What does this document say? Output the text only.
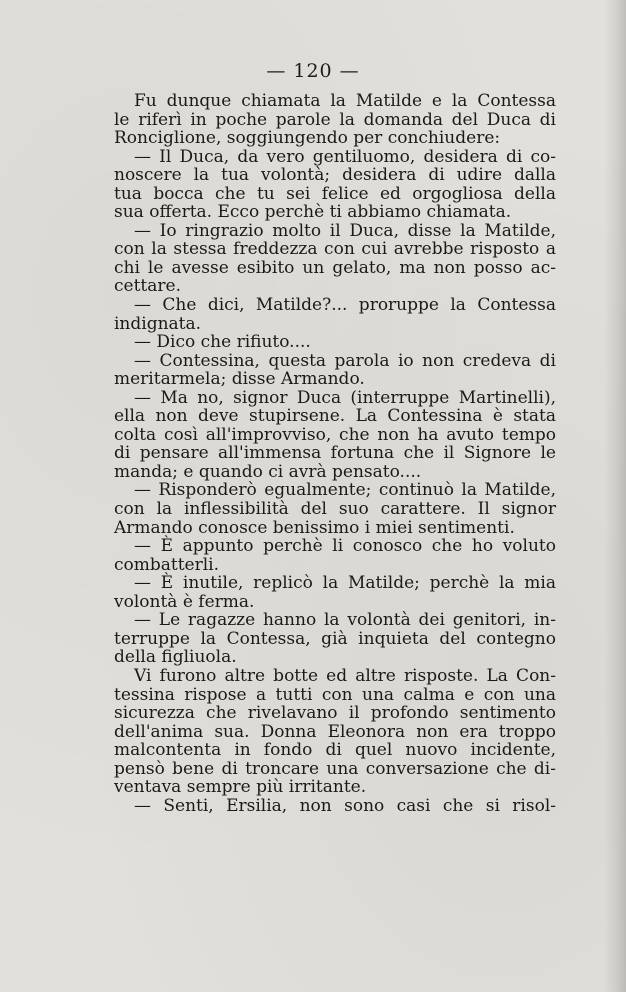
— 120 —

Fu dunque chiamata la Matilde e la Contessa

le riferì in poche parole la domanda del Duca di

Ronciglione, soggiungendo per conchiudere:

— Il Duca, da vero gentiluomo, desidera di co-

noscere la tua volontà; desidera di udire dalla

tua bocca che tu sei felice ed orgogliosa della

sua offerta. Ecco perchè ti abbiamo chiamata.

— Io ringrazio molto il Duca, disse la Matilde,

con la stessa freddezza con cui avrebbe risposto a

chi le avesse esibito un gelato, ma non posso ac-

cettare.

— Che dici, Matilde?... proruppe la Contessa

indignata.

— Dico che rifiuto....

— Contessina, questa parola io non credeva di

meritarmela; disse Armando.

— Ma no, signor Duca (interruppe Martinelli),

ella non deve stupirsene. La Contessina è stata

colta così all'improvviso, che non ha avuto tempo

di pensare all'immensa fortuna che il Signore le

manda; e quando ci avrà pensato....

— Risponderò egualmente; continuò la Matilde,

con la inflessibilità del suo carattere. Il signor

Armando conosce benissimo i miei sentimenti.

— È appunto perchè li conosco che ho voluto

combatterli.

— È inutile, replicò la Matilde; perchè la mia

volontà è ferma.

— Le ragazze hanno la volontà dei genitori, in-

terruppe la Contessa, già inquieta del contegno

della figliuola.

Vi furono altre botte ed altre risposte. La Con-

tessina rispose a tutti con una calma e con una

sicurezza che rivelavano il profondo sentimento

dell'anima sua. Donna Eleonora non era troppo

malcontenta in fondo di quel nuovo incidente,

pensò bene di troncare una conversazione che di-

ventava sempre più irritante.

— Senti, Ersilia, non sono casi che si risol-
